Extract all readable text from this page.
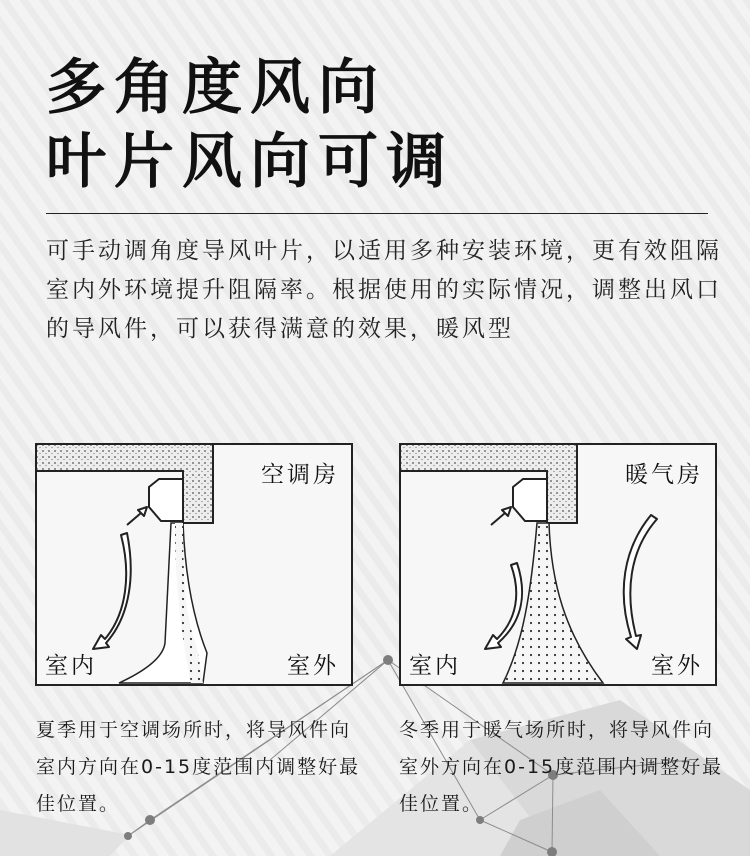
多角度风向
叶片风向可调

可手动调角度导风叶片，以适用多种安装环境，更有效阻隔室内外环境提升阻隔率。根据使用的实际情况，调整出风口的导风件，可以获得满意的效果，暖风型

空调房
室内	室外
暖气房
室内	室外

夏季用于空调场所时，将导风件向室内方向在0-15度范围内调整好最佳位置。

冬季用于暖气场所时，将导风件向室外方向在0-15度范围内调整好最佳位置。
